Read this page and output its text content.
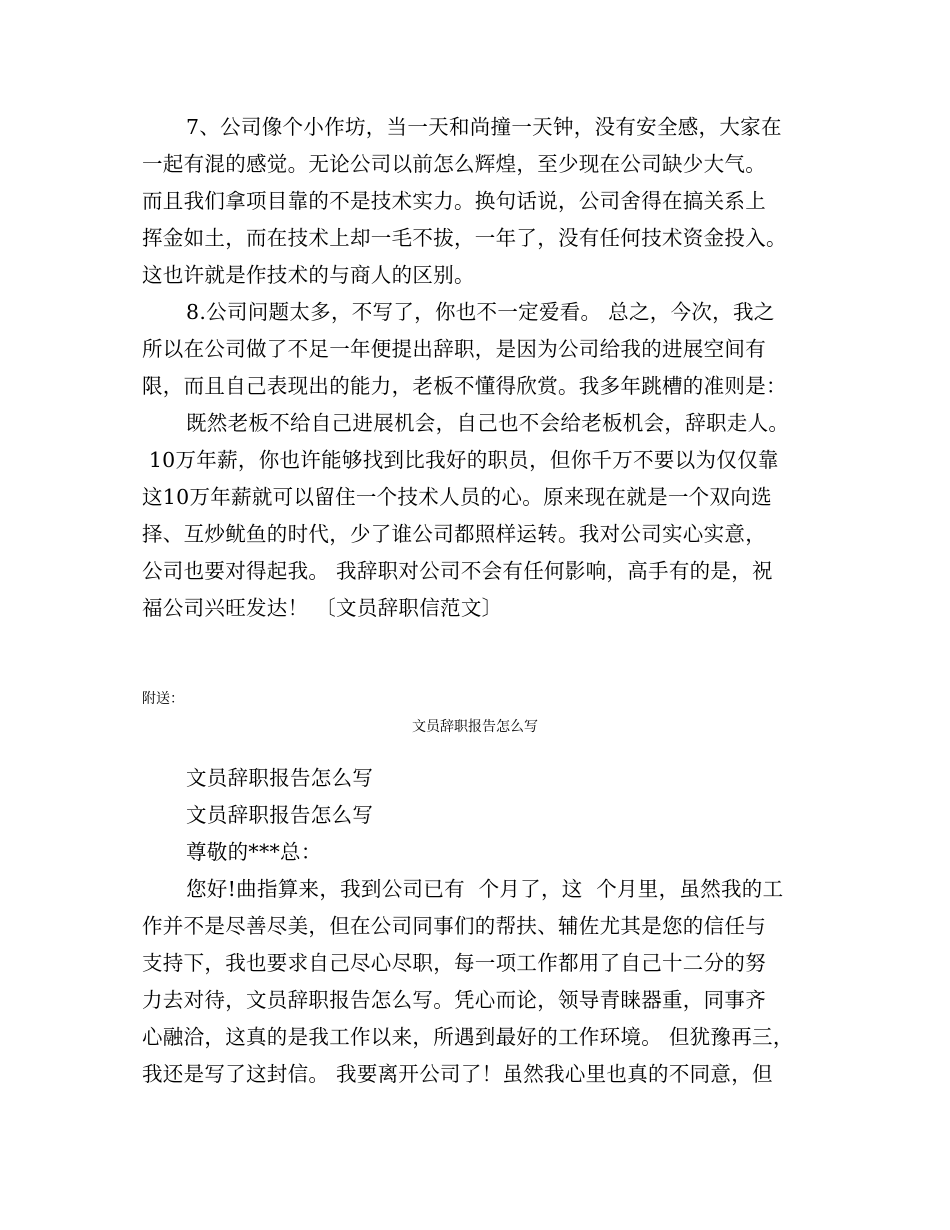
7、公司像个小作坊，当一天和尚撞一天钟，没有安全感，大家在
一起有混的感觉。无论公司以前怎么辉煌，至少现在公司缺少大气。
而且我们拿项目靠的不是技术实力。换句话说，公司舍得在搞关系上
挥金如土，而在技术上却一毛不拔，一年了，没有任何技术资金投入。
这也许就是作技术的与商人的区别。
8.公司问题太多，不写了，你也不一定爱看。 总之，今次，我之
所以在公司做了不足一年便提出辞职，是因为公司给我的进展空间有
限，而且自己表现出的能力，老板不懂得欣赏。我多年跳槽的准则是：
既然老板不给自己进展机会，自己也不会给老板机会，辞职走人。
10万年薪，你也许能够找到比我好的职员，但你千万不要以为仅仅靠
这10万年薪就可以留住一个技术人员的心。原来现在就是一个双向选
择、互炒鱿鱼的时代，少了谁公司都照样运转。我对公司实心实意，
公司也要对得起我。 我辞职对公司不会有任何影响，高手有的是，祝
福公司兴旺发达！ 〔文员辞职信范文〕
附送：
文员辞职报告怎么写
文员辞职报告怎么写
文员辞职报告怎么写
尊敬的***总：
您好!曲指算来，我到公司已有  个月了，这  个月里，虽然我的工
作并不是尽善尽美，但在公司同事们的帮扶、辅佐尤其是您的信任与
支持下，我也要求自己尽心尽职，每一项工作都用了自己十二分的努
力去对待，文员辞职报告怎么写。凭心而论，领导青睐器重，同事齐
心融洽，这真的是我工作以来，所遇到最好的工作环境。 但犹豫再三，
我还是写了这封信。 我要离开公司了！虽然我心里也真的不同意，但
